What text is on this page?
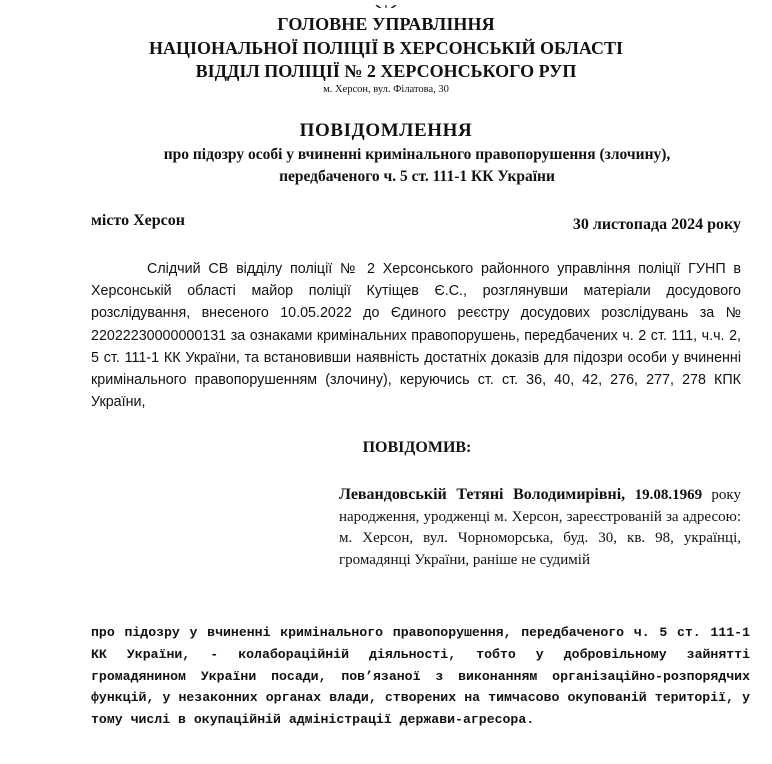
ГОЛОВНЕ УПРАВЛІННЯ
НАЦІОНАЛЬНОЇ ПОЛІЦІЇ В ХЕРСОНСЬКІЙ ОБЛАСТІ
ВІДДІЛ ПОЛІЦІЇ № 2 ХЕРСОНСЬКОГО РУП
м. Херсон, вул. Філатова, 30
ПОВІДОМЛЕННЯ
про підозру особі у вчиненні кримінального правопорушення (злочину),
передбаченого ч. 5 ст. 111-1 КК України
місто Херсон	30 листопада 2024 року
Слідчий СВ відділу поліції № 2 Херсонського районного управління поліції ГУНП в Херсонській області майор поліції Кутіщев Є.С., розглянувши матеріали досудового розслідування, внесеного 10.05.2022 до Єдиного реєстру досудових розслідувань за № 22022230000000131 за ознаками кримінальних правопорушень, передбачених ч. 2 ст. 111, ч.ч. 2, 5 ст. 111-1 КК України, та встановивши наявність достатніх доказів для підозри особи у вчиненні кримінального правопорушенням (злочину), керуючись ст. ст. 36, 40, 42, 276, 277, 278 КПК України,
ПОВІДОМИВ:
Левандовській Тетяні Володимирівні, 19.08.1969 року народження, уродженці м. Херсон, зареєстрованій за адресою: м. Херсон, вул. Чорноморська, буд. 30, кв. 98, українці, громадянці України, раніше не судимій
про підозру у вчиненні кримінального правопорушення, передбаченого ч. 5 ст. 111-1 КК України, - колабораційній діяльності, тобто у добровільному зайнятті громадянином України посади, пов’язаної з виконанням організаційно-розпорядчих функцій, у незаконних органах влади, створених на тимчасово окупованій території, у тому числі в окупаційній адміністрації держави-агресора.
